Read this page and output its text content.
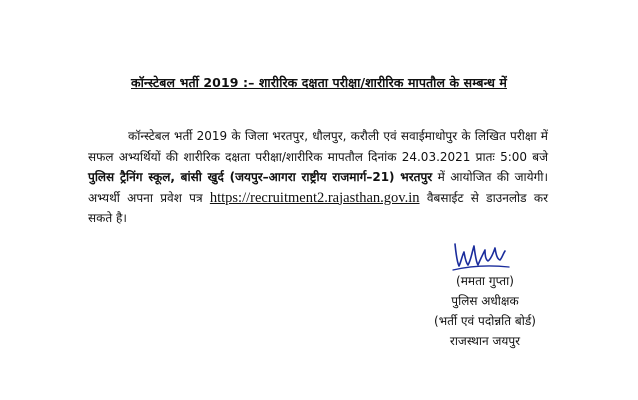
कॉन्स्टेबल भर्ती 2019 :– शारीरिक दक्षता परीक्षा/शारीरिक मापतौल के सम्बन्ध में

कॉन्स्टेबल भर्ती 2019 के जिला भरतपुर, धौलपुर, करौली एवं सवाईमाधोपुर के लिखित परीक्षा में सफल अभ्यर्थियों की शारीरिक दक्षता परीक्षा/शारीरिक मापतौल दिनांक 24.03.2021 प्रातः 5:00 बजे पुलिस ट्रैनिंग स्कूल, बांसी खुर्द (जयपुर–आगरा राष्ट्रीय राजमार्ग–21) भरतपुर में आयोजित की जायेगी। अभ्यर्थी अपना प्रवेश पत्र https://recruitment2.rajasthan.gov.in वैबसाईट से डाउनलोड कर सकते है।

(ममता गुप्ता)
पुलिस अधीक्षक
(भर्ती एवं पदोन्नति बोर्ड)
राजस्थान जयपुर
